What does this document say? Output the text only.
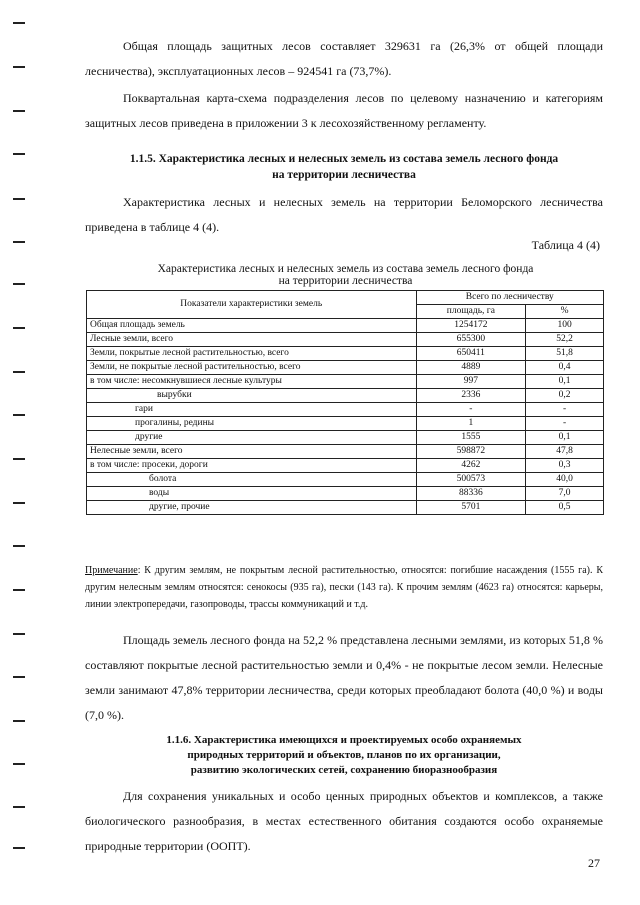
Общая площадь защитных лесов составляет 329631 га (26,3% от общей площади лесничества), эксплуатационных лесов – 924541 га (73,7%).

Поквартальная карта-схема подразделения лесов по целевому назначению и категориям защитных лесов приведена в приложении 3 к лесохозяйственному регламенту.

1.1.5. Характеристика лесных и нелесных земель из состава земель лесного фонда
на территории лесничества

Характеристика лесных и нелесных земель на территории Беломорского лесничества приведена в таблице 4 (4).

Таблица 4 (4)
Характеристика лесных и нелесных земель из состава земель лесного фонда
на территории лесничества
Показатели характеристики земель	Всего по лесничеству	
	площадь, га	%
Общая площадь земель	1254172	100
Лесные земли, всего	655300	52,2
Земли, покрытые лесной растительностью, всего	650411	51,8
Земли, не покрытые лесной растительностью, всего	4889	0,4
в том числе: несомкнувшиеся лесные культуры	997	0,1
вырубки	2336	0,2
гари	-	-
прогалины, редины	1	-
другие	1555	0,1
Нелесные земли, всего	598872	47,8
в том числе: просеки, дороги	4262	0,3
болота	500573	40,0
воды	88336	7,0
другие, прочие	5701	0,5

Примечание: К другим землям, не покрытым лесной растительностью, относятся: погибшие насаждения (1555 га). К другим нелесным землям относятся: сенокосы (935 га), пески (143 га). К прочим землям (4623 га) относятся: карьеры, линии электропередачи, газопроводы, трассы коммуникаций и т.д.

Площадь земель лесного фонда на 52,2 % представлена лесными землями, из которых 51,8 % составляют покрытые лесной растительностью земли и 0,4% - не покрытые лесом земли. Нелесные земли занимают 47,8% территории лесничества, среди которых преобладают болота (40,0 %) и воды (7,0 %).

1.1.6. Характеристика имеющихся и проектируемых особо охраняемых
природных территорий и объектов, планов по их организации,
развитию экологических сетей, сохранению биоразнообразия

Для сохранения уникальных и особо ценных природных объектов и комплексов, а также биологического разнообразия, в местах естественного обитания создаются особо охраняемые природные территории (ООПТ).

27
